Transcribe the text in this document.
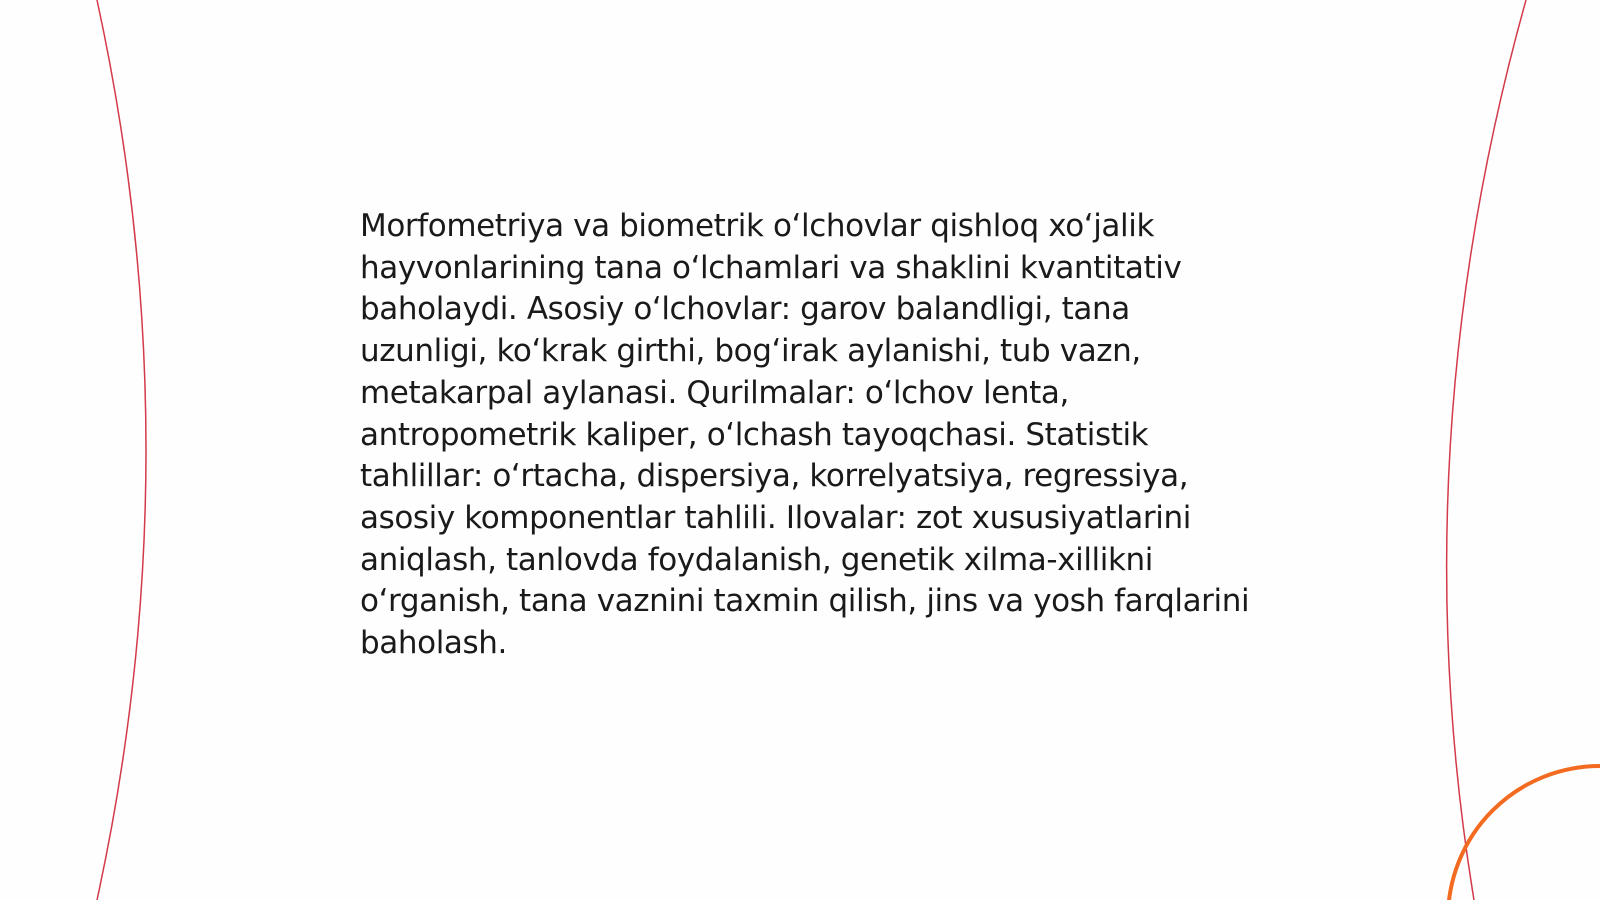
Morfometriya va biometrik oʻlchovlar qishloq xoʻjalik hayvonlarining tana oʻlchamlari va shaklini kvantitativ baholaydi. Asosiy oʻlchovlar: garov balandligi, tana uzunligi, koʻkrak girthi, bogʻirak aylanishi, tub vazn, metakarpal aylanasi. Qurilmalar: oʻlchov lenta, antropometrik kaliper, oʻlchash tayoqchasi. Statistik tahlillar: oʻrtacha, dispersiya, korrelyatsiya, regressiya, asosiy komponentlar tahlili. Ilovalar: zot xususiyatlarini aniqlash, tanlovda foydalanish, genetik xilma-xillikni oʻrganish, tana vaznini taxmin qilish, jins va yosh farqlarini baholash.
